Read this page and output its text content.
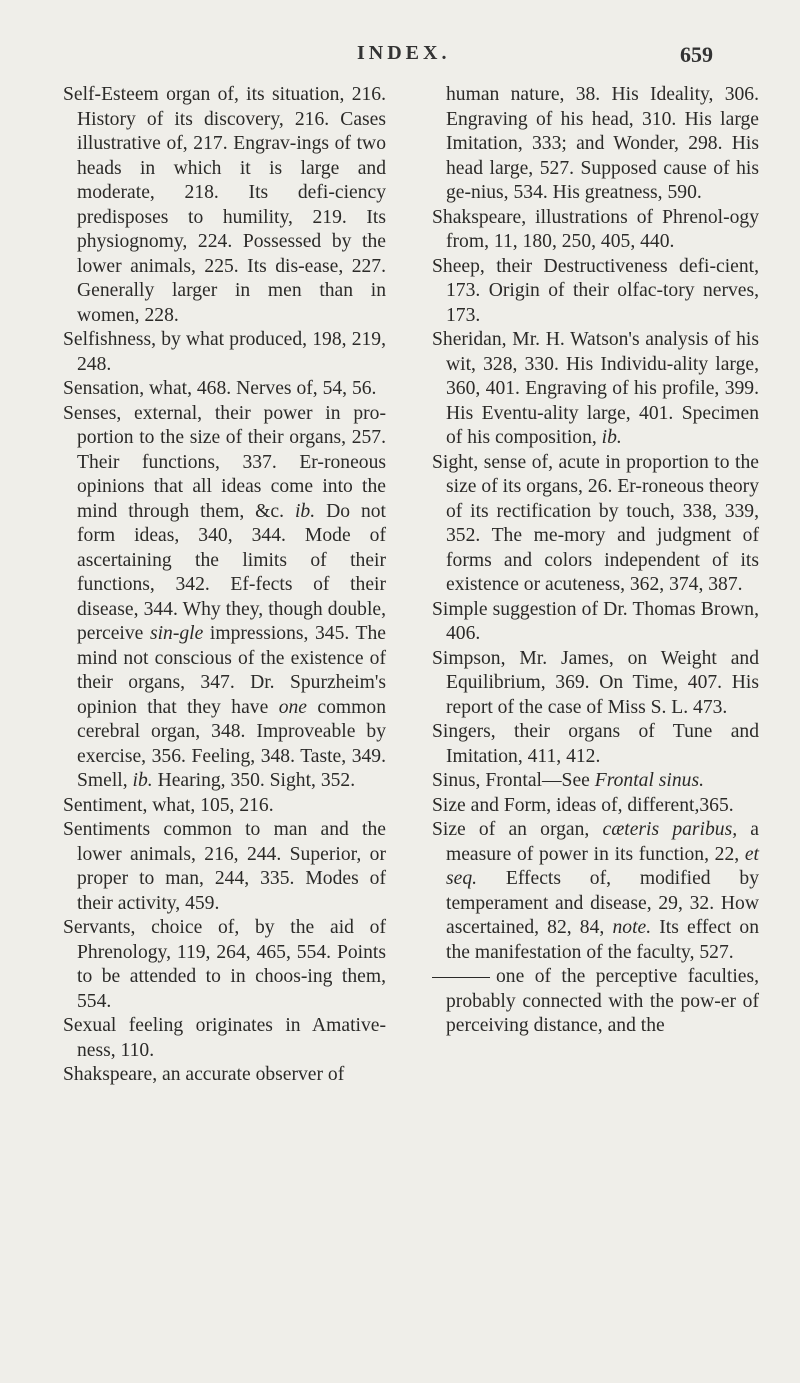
INDEX.	659

Self-Esteem organ of, its situation, 216. History of its discovery, 216. Cases illustrative of, 217. Engrav-ings of two heads in which it is large and moderate, 218. Its defi-ciency predisposes to humility, 219. Its physiognomy, 224. Possessed by the lower animals, 225. Its dis-ease, 227. Generally larger in men than in women, 228.

Selfishness, by what produced, 198, 219, 248.

Sensation, what, 468. Nerves of, 54, 56.

Senses, external, their power in pro-portion to the size of their organs, 257. Their functions, 337. Er-roneous opinions that all ideas come into the mind through them, &c. ib. Do not form ideas, 340, 344. Mode of ascertaining the limits of their functions, 342. Ef-fects of their disease, 344. Why they, though double, perceive sin-gle impressions, 345. The mind not conscious of the existence of their organs, 347. Dr. Spurzheim's opinion that they have one common cerebral organ, 348. Improveable by exercise, 356. Feeling, 348. Taste, 349. Smell, ib. Hearing, 350. Sight, 352.

Sentiment, what, 105, 216.

Sentiments common to man and the lower animals, 216, 244. Superior, or proper to man, 244, 335. Modes of their activity, 459.

Servants, choice of, by the aid of Phrenology, 119, 264, 465, 554. Points to be attended to in choos-ing them, 554.

Sexual feeling originates in Amative-ness, 110.

Shakspeare, an accurate observer of

human nature, 38. His Ideality, 306. Engraving of his head, 310. His large Imitation, 333; and Wonder, 298. His head large, 527. Supposed cause of his ge-nius, 534. His greatness, 590.

Shakspeare, illustrations of Phrenol-ogy from, 11, 180, 250, 405, 440.

Sheep, their Destructiveness defi-cient, 173. Origin of their olfac-tory nerves, 173.

Sheridan, Mr. H. Watson's analysis of his wit, 328, 330. His Individu-ality large, 360, 401. Engraving of his profile, 399. His Eventu-ality large, 401. Specimen of his composition, ib.

Sight, sense of, acute in proportion to the size of its organs, 26. Er-roneous theory of its rectification by touch, 338, 339, 352. The me-mory and judgment of forms and colors independent of its existence or acuteness, 362, 374, 387.

Simple suggestion of Dr. Thomas Brown, 406.

Simpson, Mr. James, on Weight and Equilibrium, 369. On Time, 407. His report of the case of Miss S. L. 473.

Singers, their organs of Tune and Imitation, 411, 412.

Sinus, Frontal—See Frontal sinus.

Size and Form, ideas of, different,365.

Size of an organ, cæteris paribus, a measure of power in its function, 22, et seq. Effects of, modified by temperament and disease, 29, 32. How ascertained, 82, 84, note. Its effect on the manifestation of the faculty, 527.

one of the perceptive faculties, probably connected with the pow-er of perceiving distance, and the
